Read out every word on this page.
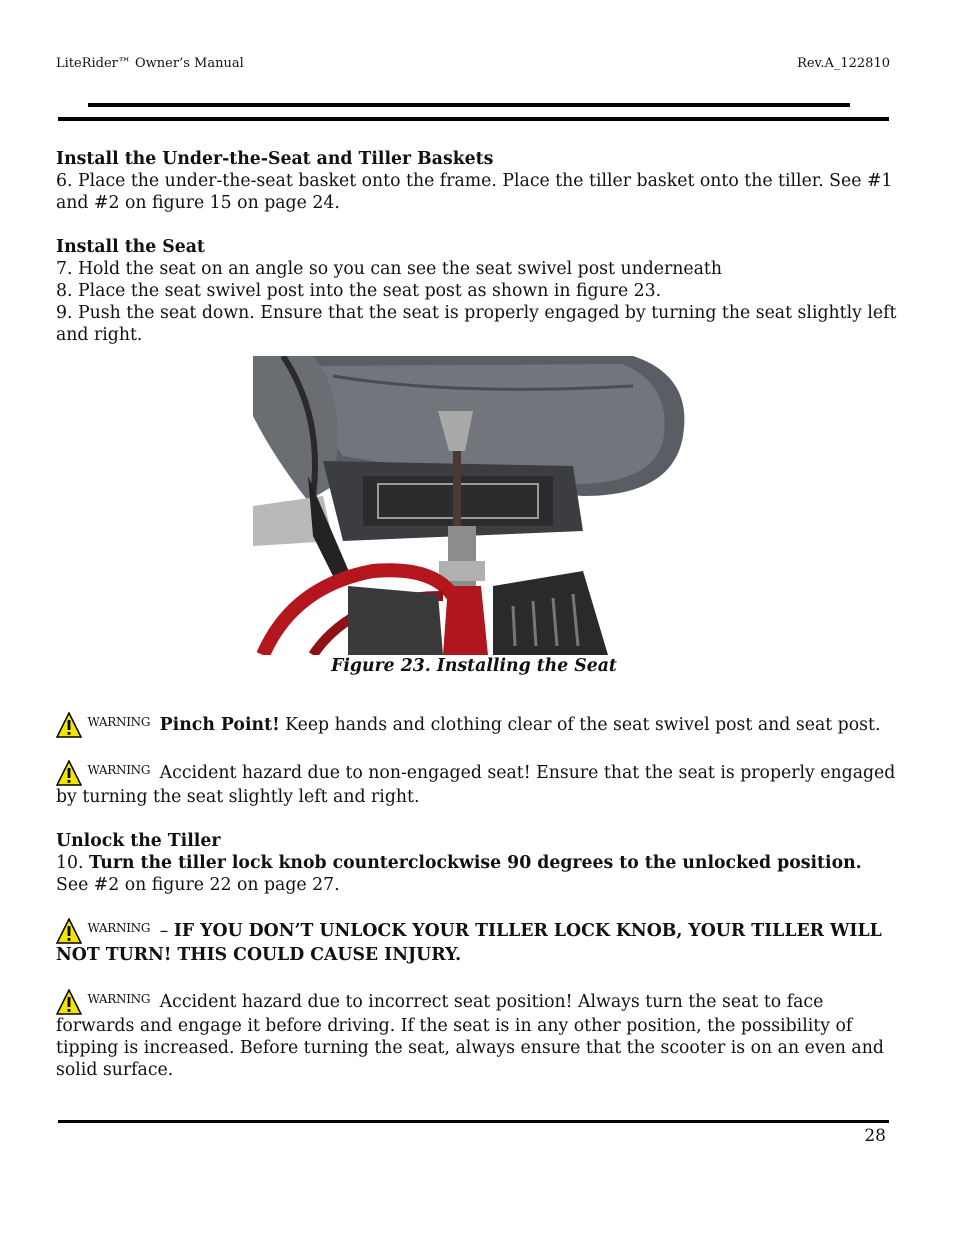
LiteRider™ Owner’s Manual	Rev.A_122810

Install the Under-the-Seat and Tiller Baskets

6. Place the under-the-seat basket onto the frame. Place the tiller basket onto the tiller. See #1 and #2 on figure 15 on page 24.

Install the Seat

7. Hold the seat on an angle so you can see the seat swivel post underneath

8. Place the seat swivel post into the seat post as shown in figure 23.

9. Push the seat down. Ensure that the seat is properly engaged by turning the seat slightly left and right.

Figure 23. Installing the Seat

$^{WARNING}$ Pinch Point! Keep hands and clothing clear of the seat swivel post and seat post.

$^{WARNING}$ Accident hazard due to non-engaged seat! Ensure that the seat is properly engaged by turning the seat slightly left and right.

Unlock the Tiller

10. Turn the tiller lock knob counterclockwise 90 degrees to the unlocked position.

See #2 on figure 22 on page 27.

$^{WARNING}$ – IF YOU DON’T UNLOCK YOUR TILLER LOCK KNOB, YOUR TILLER WILL NOT TURN! THIS COULD CAUSE INJURY.

$^{WARNING}$ Accident hazard due to incorrect seat position! Always turn the seat to face forwards and engage it before driving. If the seat is in any other position, the possibility of tipping is increased. Before turning the seat, always ensure that the scooter is on an even and solid surface.

28
